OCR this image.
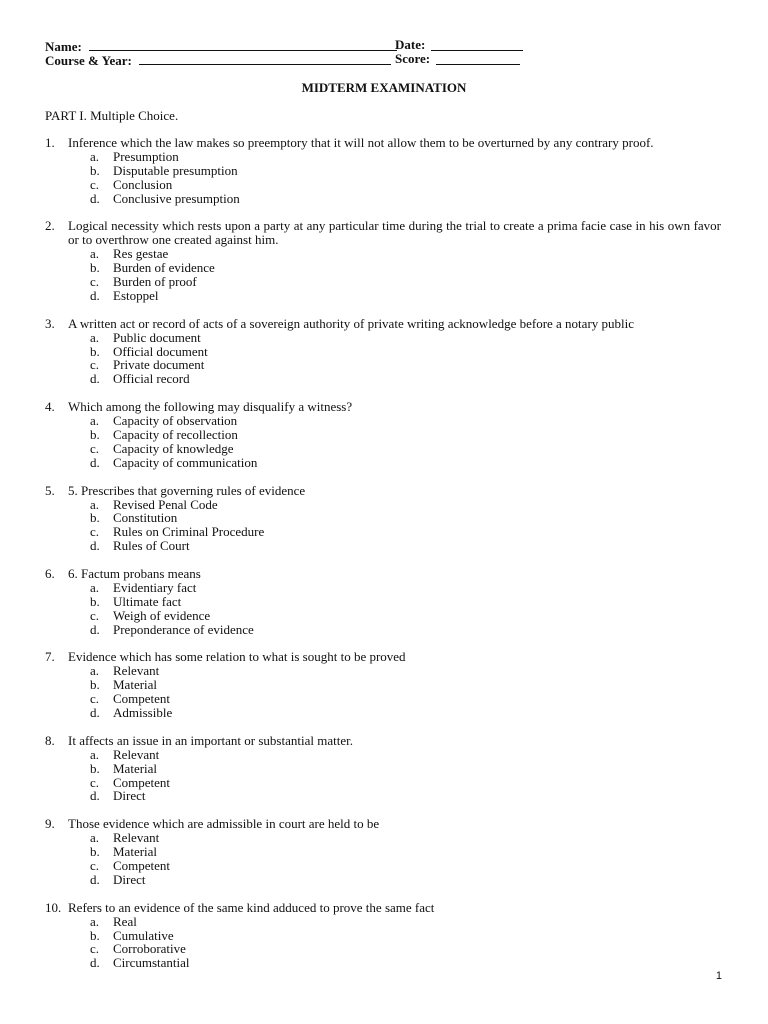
Name:	Date:
Course & Year:	Score:
MIDTERM EXAMINATION
PART I. Multiple Choice.
1.	Inference which the law makes so preemptory that it will not allow them to be overturned by any contrary proof.
a.	Presumption
b.	Disputable presumption
c.	Conclusion
d.	Conclusive presumption
2.	Logical necessity which rests upon a party at any particular time during the trial to create a prima facie case in his own favor or to overthrow one created against him.
a.	Res gestae
b.	Burden of evidence
c.	Burden of proof
d.	Estoppel
3.	A written act or record of acts of a sovereign authority of private writing acknowledge before a notary public
a.	Public document
b.	Official document
c.	Private document
d.	Official record
4.	Which among the following may disqualify a witness?
a.	Capacity of observation
b.	Capacity of recollection
c.	Capacity of knowledge
d.	Capacity of communication
5.	5. Prescribes that governing rules of evidence
a.	Revised Penal Code
b.	Constitution
c.	Rules on Criminal Procedure
d.	Rules of Court
6.	6. Factum probans means
a.	Evidentiary fact
b.	Ultimate fact
c.	Weigh of evidence
d.	Preponderance of evidence
7.	Evidence which has some relation to what is sought to be proved
a.	Relevant
b.	Material
c.	Competent
d.	Admissible
8.	It affects an issue in an important or substantial matter.
a.	Relevant
b.	Material
c.	Competent
d.	Direct
9.	Those evidence which are admissible in court are held to be
a.	Relevant
b.	Material
c.	Competent
d.	Direct
10. Refers to an evidence of the same kind adduced to prove the same fact
a.	Real
b.	Cumulative
c.	Corroborative
d.	Circumstantial
1
